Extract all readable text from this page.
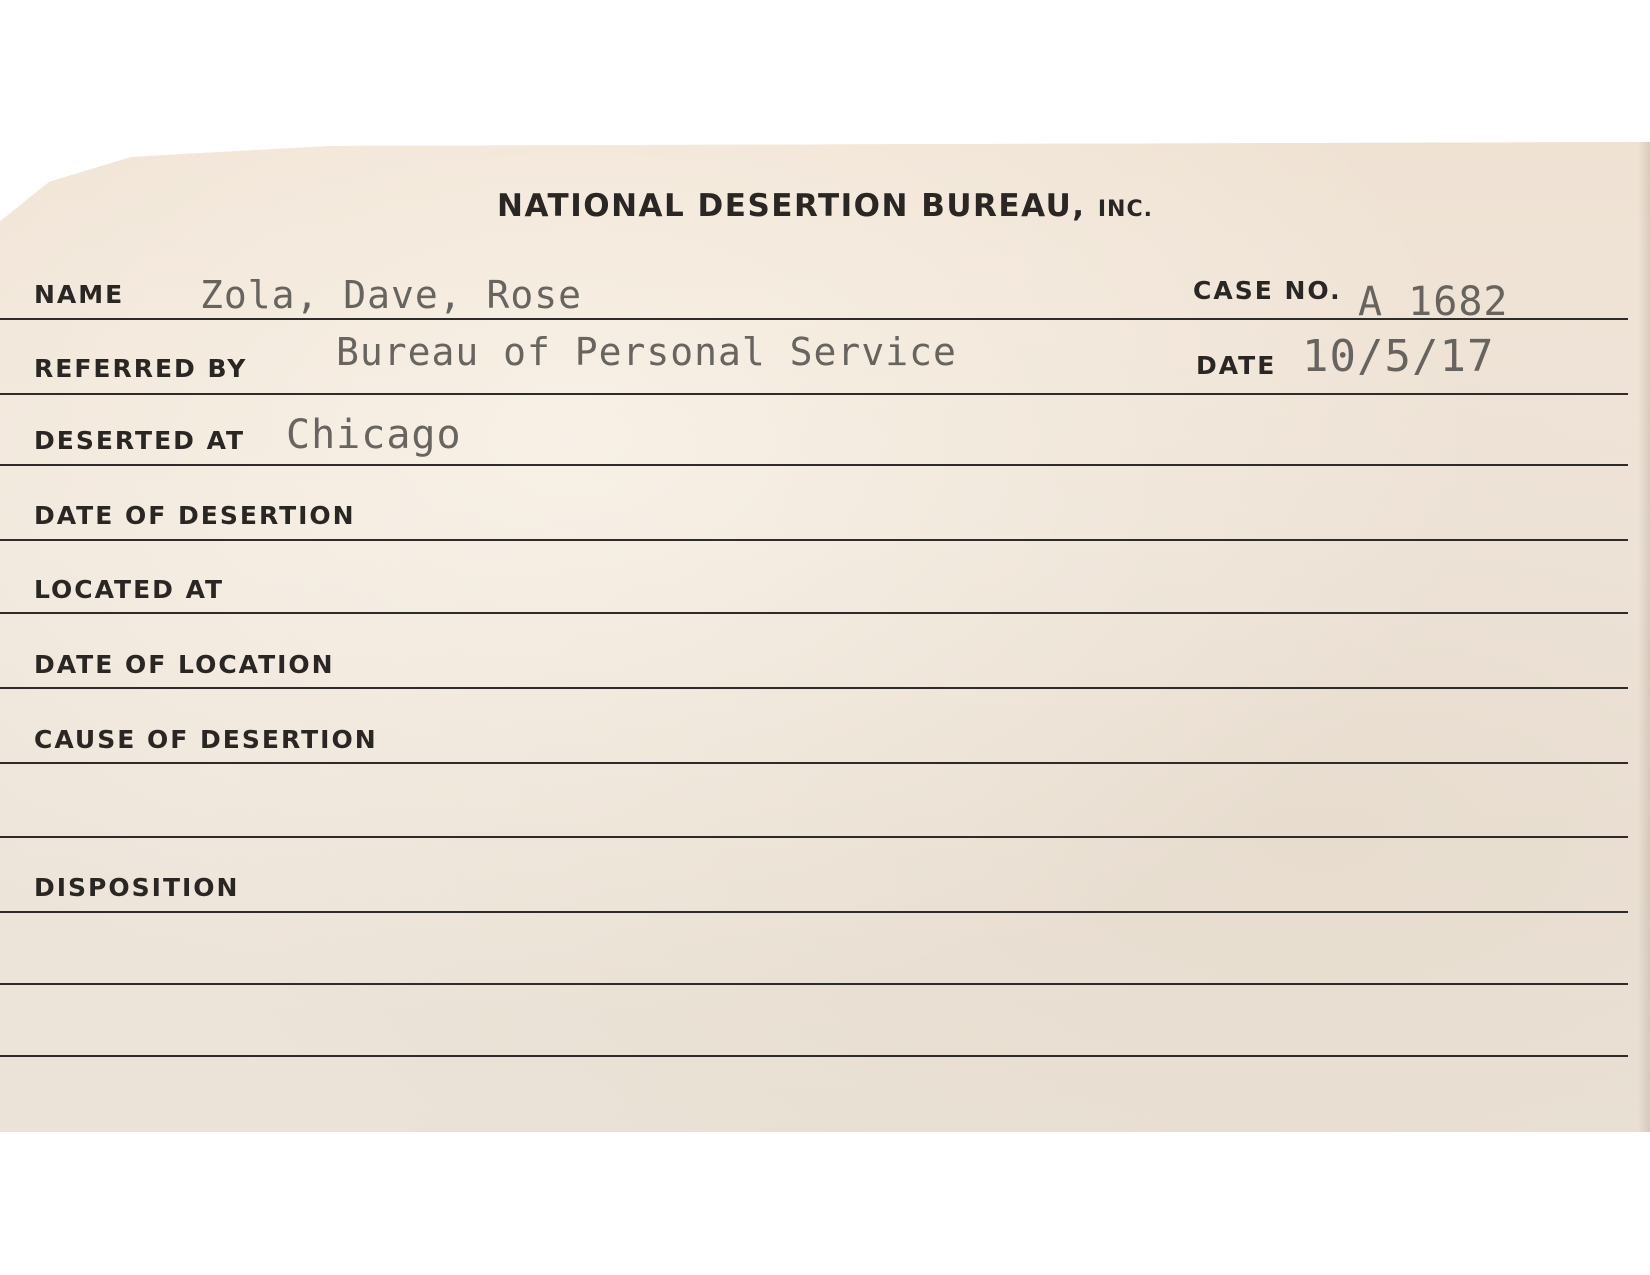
NATIONAL DESERTION BUREAU, INC.
NAME Zola, Dave, Rose	CASE NO. A 1682
REFERRED BY Bureau of Personal Service	DATE 10/5/17
DESERTED AT Chicago
DATE OF DESERTION
LOCATED AT
DATE OF LOCATION
CAUSE OF DESERTION
DISPOSITION
